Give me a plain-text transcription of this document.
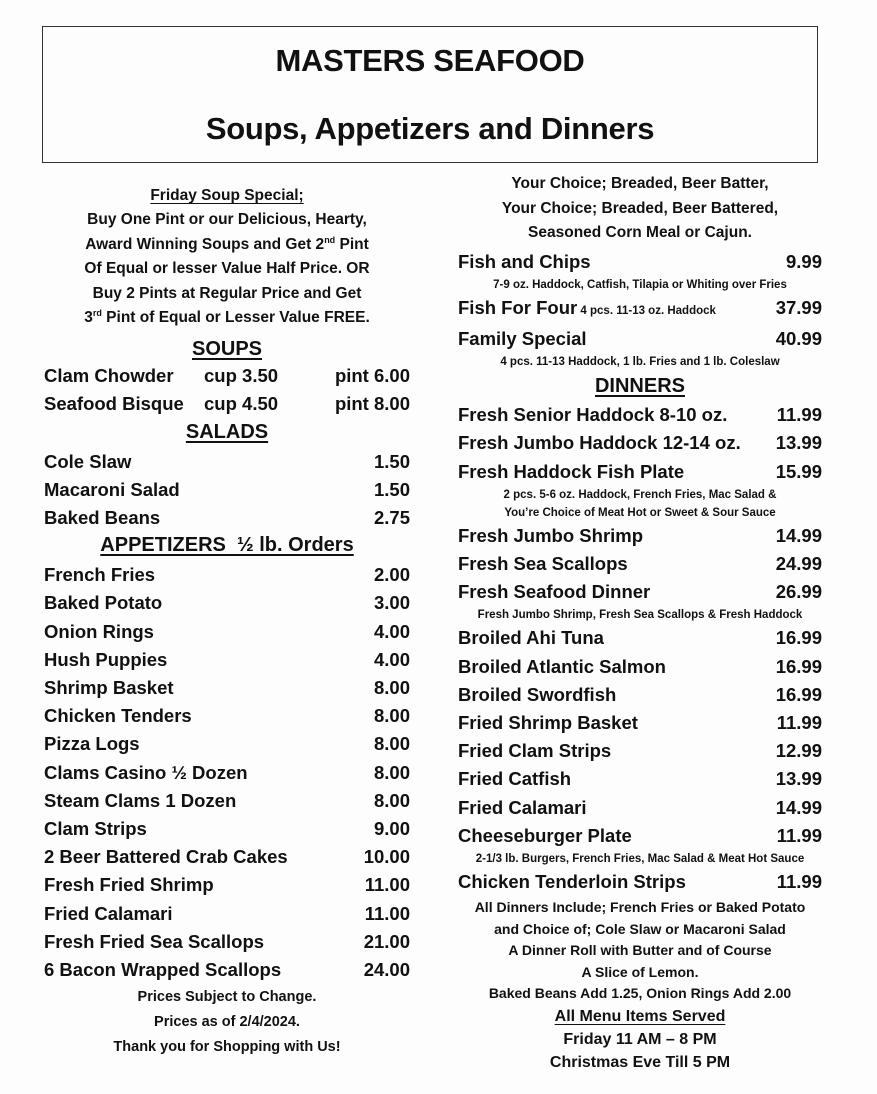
MASTERS SEAFOOD
Soups, Appetizers and Dinners
Friday Soup Special;
Buy One Pint or our Delicious, Hearty,
Award Winning Soups and Get 2nd Pint
Of Equal or lesser Value Half Price. OR
Buy 2 Pints at Regular Price and Get
3rd Pint of Equal or Lesser Value FREE.
SOUPS
Clam Chowder	cup 3.50	pint 6.00
Seafood Bisque	cup 4.50	pint 8.00
SALADS
Cole Slaw	1.50
Macaroni Salad	1.50
Baked Beans	2.75
APPETIZERS  ½ lb. Orders
French Fries	2.00
Baked Potato	3.00
Onion Rings	4.00
Hush Puppies	4.00
Shrimp Basket	8.00
Chicken Tenders	8.00
Pizza Logs	8.00
Clams Casino ½ Dozen	8.00
Steam Clams 1 Dozen	8.00
Clam Strips	9.00
2 Beer Battered Crab Cakes	10.00
Fresh Fried Shrimp	11.00
Fried Calamari	11.00
Fresh Fried Sea Scallops	21.00
6 Bacon Wrapped Scallops	24.00
Prices Subject to Change.
Prices as of 2/4/2024.
Thank you for Shopping with Us!
Your Choice; Breaded, Beer Batter,
Your Choice; Breaded, Beer Battered,
Seasoned Corn Meal or Cajun.
Fish and Chips	9.99
7-9 oz. Haddock, Catfish, Tilapia or Whiting over Fries
Fish For Four 4 pcs. 11-13 oz. Haddock	37.99
Family Special	40.99
4 pcs. 11-13 Haddock, 1 lb. Fries and 1 lb. Coleslaw
DINNERS
Fresh Senior Haddock 8-10 oz.	11.99
Fresh Jumbo Haddock 12-14 oz. 13.99
Fresh Haddock Fish Plate	15.99
2 pcs. 5-6 oz. Haddock, French Fries, Mac Salad &
You’re Choice of Meat Hot or Sweet & Sour Sauce
Fresh Jumbo Shrimp	14.99
Fresh Sea Scallops	24.99
Fresh Seafood Dinner	26.99
Fresh Jumbo Shrimp, Fresh Sea Scallops & Fresh Haddock
Broiled Ahi Tuna	16.99
Broiled Atlantic Salmon	16.99
Broiled Swordfish	16.99
Fried Shrimp Basket	11.99
Fried Clam Strips	12.99
Fried Catfish	13.99
Fried Calamari	14.99
Cheeseburger Plate	11.99
2-1/3 lb. Burgers, French Fries, Mac Salad & Meat Hot Sauce
Chicken Tenderloin Strips	11.99
All Dinners Include; French Fries or Baked Potato
and Choice of; Cole Slaw or Macaroni Salad
A Dinner Roll with Butter and of Course
A Slice of Lemon.
Baked Beans Add 1.25, Onion Rings Add 2.00
All Menu Items Served
Friday 11 AM – 8 PM
Christmas Eve Till 5 PM
